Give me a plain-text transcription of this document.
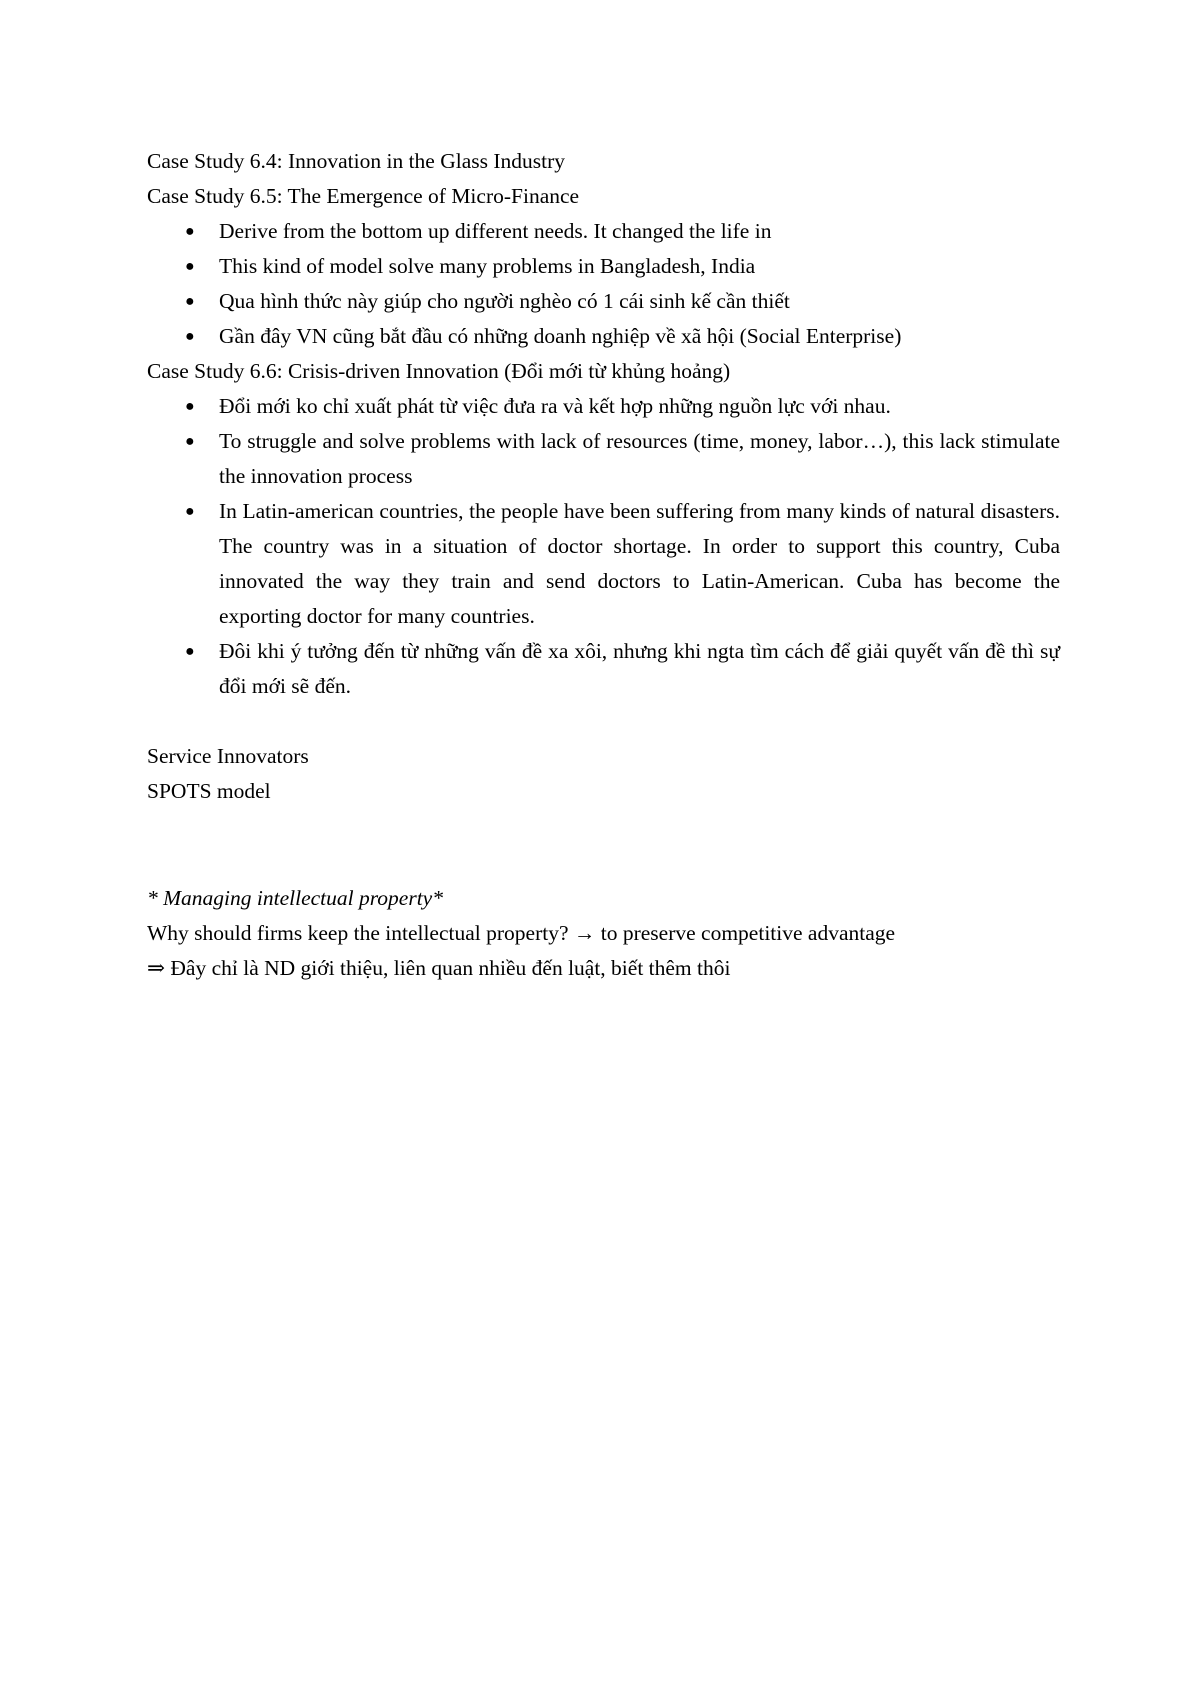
Case Study 6.4: Innovation in the Glass Industry

Case Study 6.5: The Emergence of Micro-Finance

● Derive from the bottom up different needs. It changed the life in
● This kind of model solve many problems in Bangladesh, India
● Qua hình thức này giúp cho người nghèo có 1 cái sinh kế cần thiết
● Gần đây VN cũng bắt đầu có những doanh nghiệp về xã hội (Social Enterprise)

Case Study 6.6: Crisis-driven Innovation (Đổi mới từ khủng hoảng)

● Đổi mới ko chỉ xuất phát từ việc đưa ra và kết hợp những nguồn lực với nhau.
● To struggle and solve problems with lack of resources (time, money, labor…), this lack stimulate the innovation process
● In Latin-american countries, the people have been suffering from many kinds of natural disasters. The country was in a situation of doctor shortage. In order to support this country, Cuba innovated the way they train and send doctors to Latin-American. Cuba has become the exporting doctor for many countries.
● Đôi khi ý tưởng đến từ những vấn đề xa xôi, nhưng khi ngta tìm cách để giải quyết vấn đề thì sự đổi mới sẽ đến.

Service Innovators

SPOTS model

* Managing intellectual property*

Why should firms keep the intellectual property? → to preserve competitive advantage

⇒ Đây chỉ là ND giới thiệu, liên quan nhiều đến luật, biết thêm thôi
